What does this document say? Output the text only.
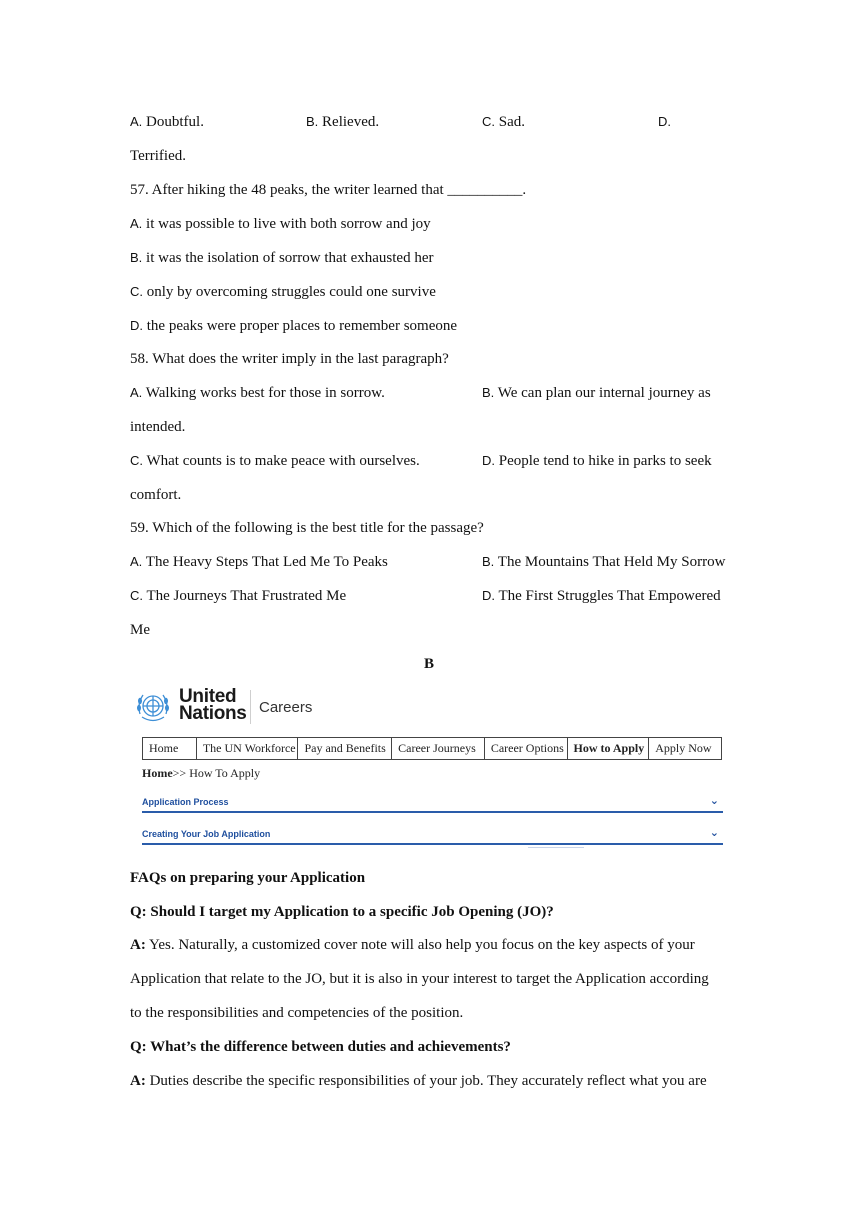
A. Doubtful.	B. Relieved.	C. Sad.	D.
Terrified.
57. After hiking the 48 peaks, the writer learned that __________.
A. it was possible to live with both sorrow and joy
B. it was the isolation of sorrow that exhausted her
C. only by overcoming struggles could one survive
D. the peaks were proper places to remember someone
58. What does the writer imply in the last paragraph?
A. Walking works best for those in sorrow.	B. We can plan our internal journey as
intended.
C. What counts is to make peace with ourselves.	D. People tend to hike in parks to seek
comfort.
59. Which of the following is the best title for the passage?
A. The Heavy Steps That Led Me To Peaks	B. The Mountains That Held My Sorrow
C. The Journeys That Frustrated Me	D. The First Struggles That Empowered
Me
B
United
Nations Careers
Home	The UN Workforce Pay and Benefits	Career Journeys	Career Options How to Apply Apply Now
Home>> How To Apply
Application Process	⌄
Creating Your Job Application	⌄
FAQs on preparing your Application
Q: Should I target my Application to a specific Job Opening (JO)?
A: Yes. Naturally, a customized cover note will also help you focus on the key aspects of your
Application that relate to the JO, but it is also in your interest to target the Application according
to the responsibilities and competencies of the position.
Q: What’s the difference between duties and achievements?
A: Duties describe the specific responsibilities of your job. They accurately reflect what you are
